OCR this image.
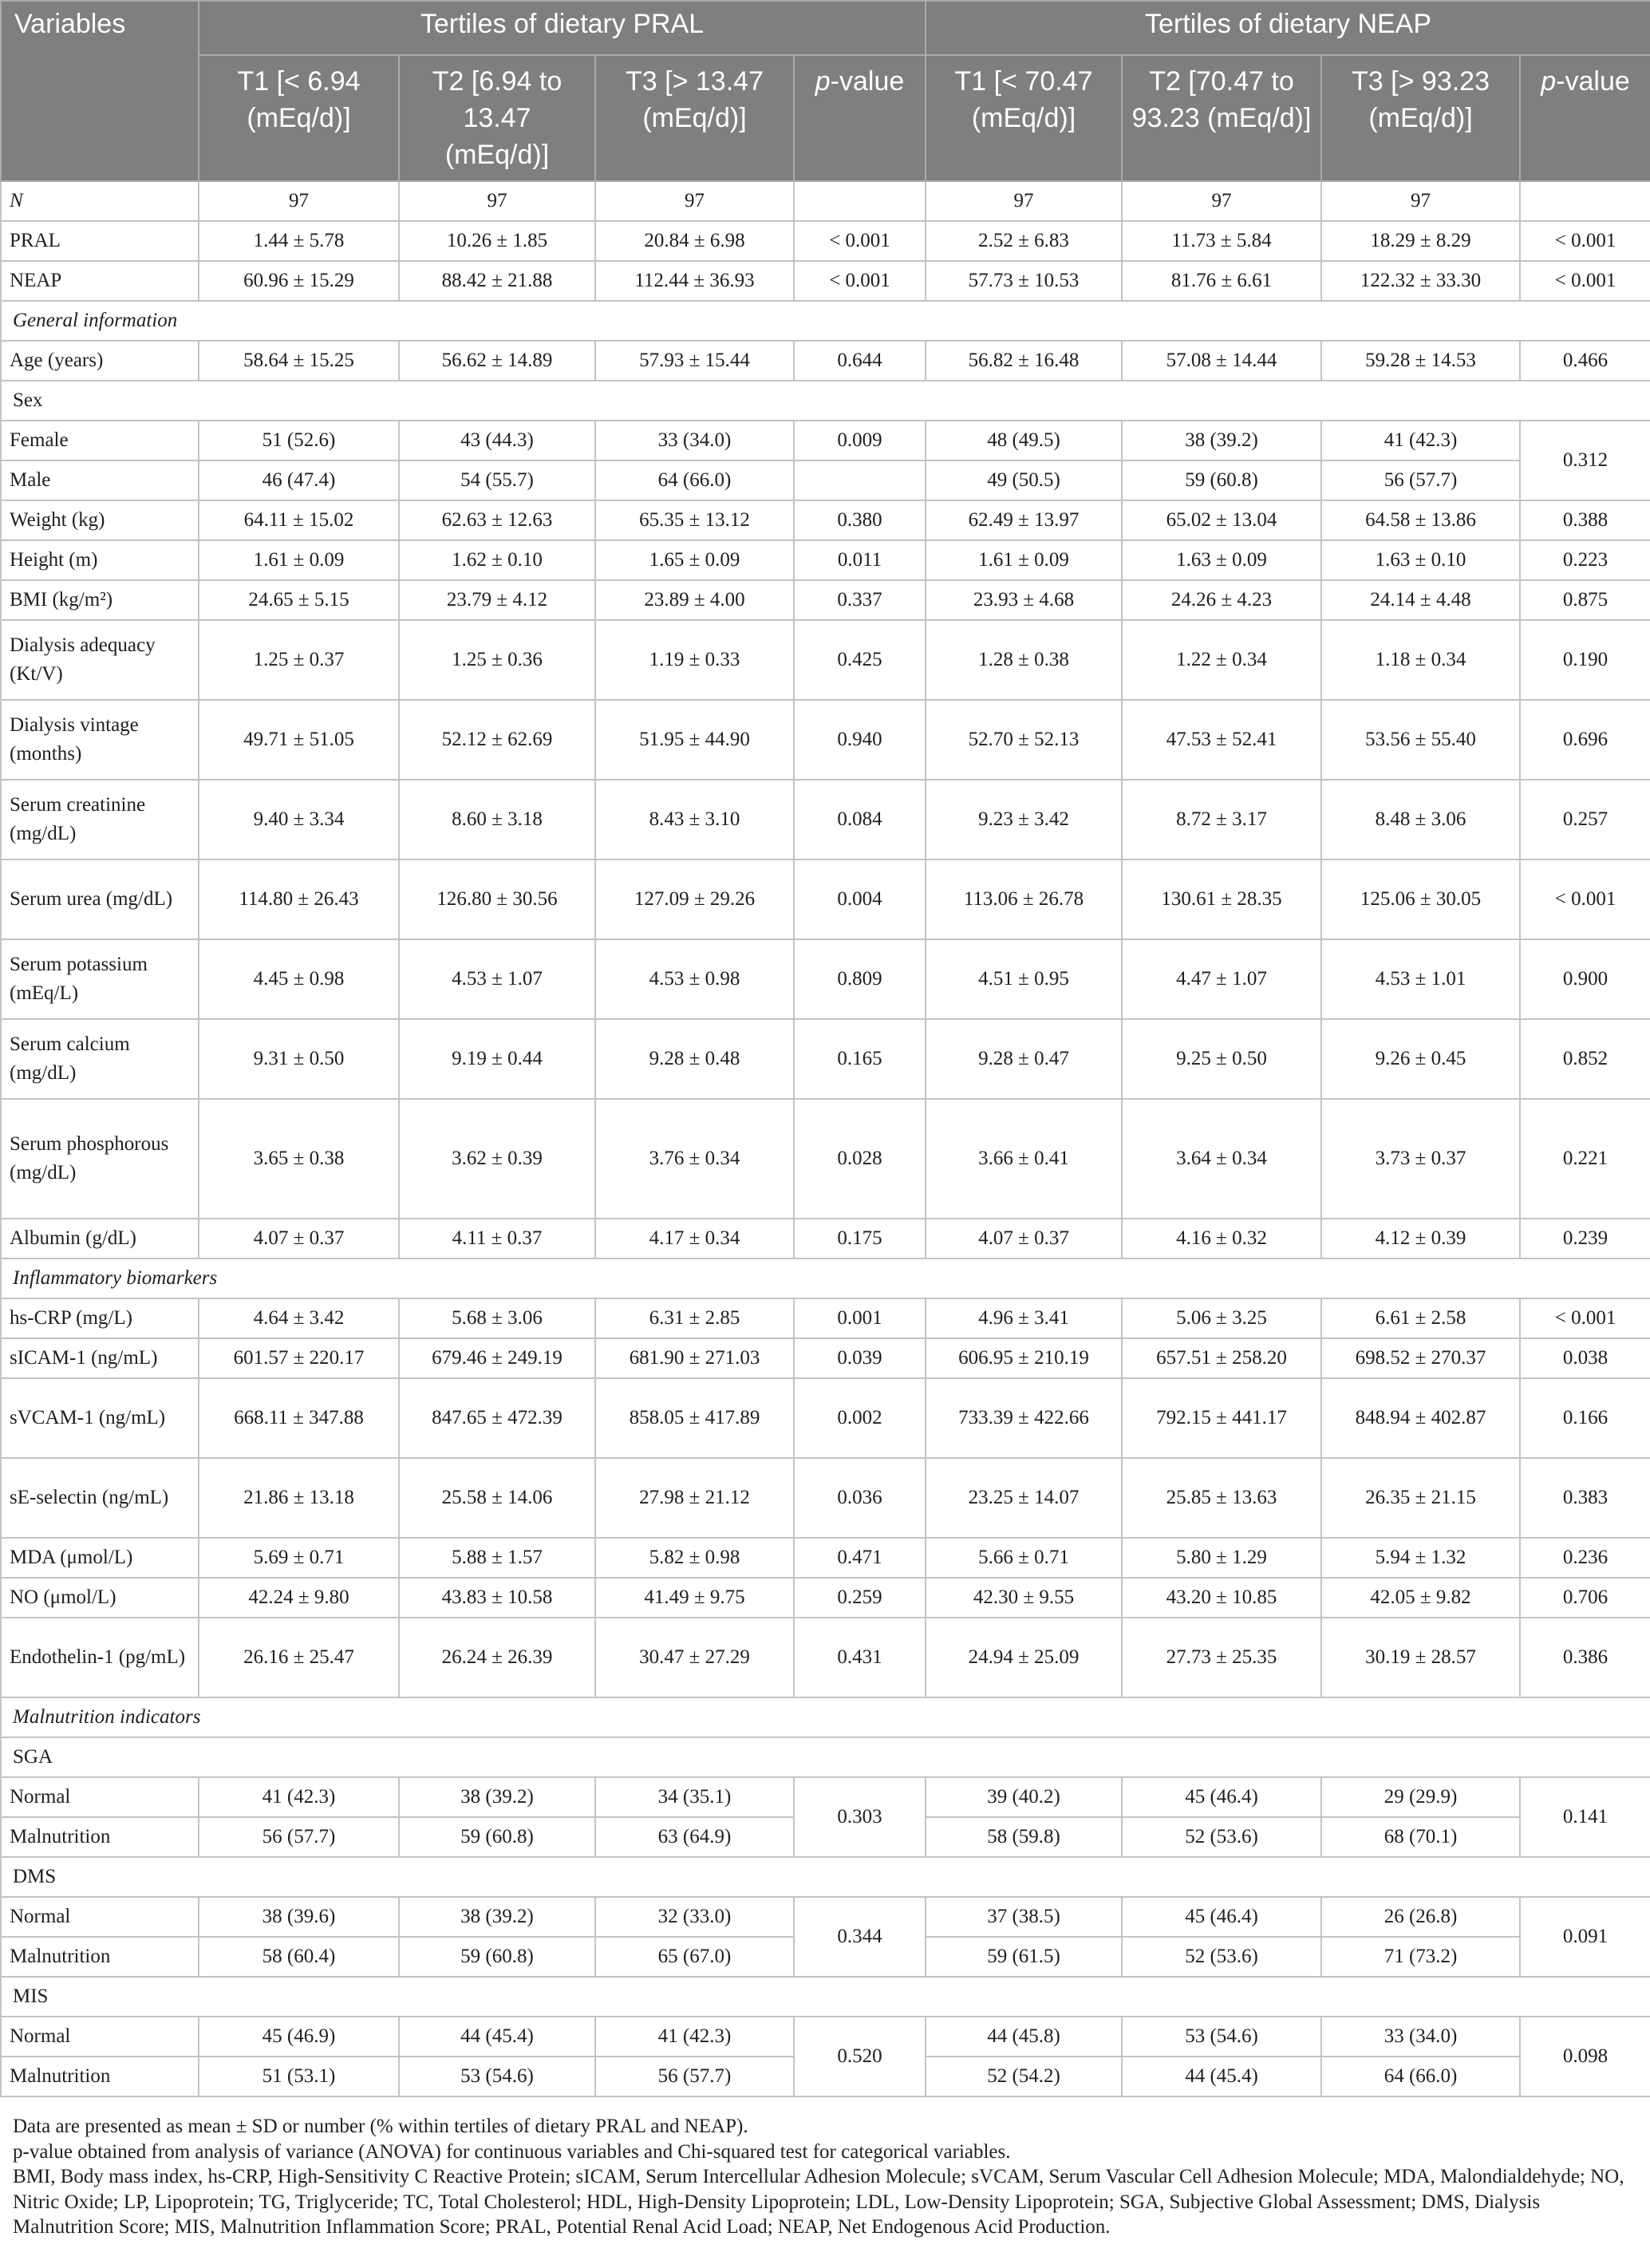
Variables	Tertiles of dietary PRAL				Tertiles of dietary NEAP			
	T1 [< 6.94 (mEq/d)]	T2 [6.94 to 13.47 (mEq/d)]	T3 [> 13.47 (mEq/d)]	p-value	T1 [< 70.47 (mEq/d)]	T2 [70.47 to 93.23 (mEq/d)]	T3 [> 93.23 (mEq/d)]	p-value
N	97	97	97		97	97	97	
PRAL	1.44 ± 5.78	10.26 ± 1.85	20.84 ± 6.98	< 0.001	2.52 ± 6.83	11.73 ± 5.84	18.29 ± 8.29	< 0.001
NEAP	60.96 ± 15.29	88.42 ± 21.88	112.44 ± 36.93	< 0.001	57.73 ± 10.53	81.76 ± 6.61	122.32 ± 33.30	< 0.001
General information								
Age (years)	58.64 ± 15.25	56.62 ± 14.89	57.93 ± 15.44	0.644	56.82 ± 16.48	57.08 ± 14.44	59.28 ± 14.53	0.466
Sex								
Female	51 (52.6)	43 (44.3)	33 (34.0)	0.009	48 (49.5)	38 (39.2)	41 (42.3)	0.312
Male	46 (47.4)	54 (55.7)	64 (66.0)		49 (50.5)	59 (60.8)	56 (57.7)	
Weight (kg)	64.11 ± 15.02	62.63 ± 12.63	65.35 ± 13.12	0.380	62.49 ± 13.97	65.02 ± 13.04	64.58 ± 13.86	0.388
Height (m)	1.61 ± 0.09	1.62 ± 0.10	1.65 ± 0.09	0.011	1.61 ± 0.09	1.63 ± 0.09	1.63 ± 0.10	0.223
BMI (kg/m²)	24.65 ± 5.15	23.79 ± 4.12	23.89 ± 4.00	0.337	23.93 ± 4.68	24.26 ± 4.23	24.14 ± 4.48	0.875
Dialysis adequacy (Kt/V)	1.25 ± 0.37	1.25 ± 0.36	1.19 ± 0.33	0.425	1.28 ± 0.38	1.22 ± 0.34	1.18 ± 0.34	0.190
Dialysis vintage (months)	49.71 ± 51.05	52.12 ± 62.69	51.95 ± 44.90	0.940	52.70 ± 52.13	47.53 ± 52.41	53.56 ± 55.40	0.696
Serum creatinine (mg/dL)	9.40 ± 3.34	8.60 ± 3.18	8.43 ± 3.10	0.084	9.23 ± 3.42	8.72 ± 3.17	8.48 ± 3.06	0.257
Serum urea (mg/dL)	114.80 ± 26.43	126.80 ± 30.56	127.09 ± 29.26	0.004	113.06 ± 26.78	130.61 ± 28.35	125.06 ± 30.05	< 0.001
Serum potassium (mEq/L)	4.45 ± 0.98	4.53 ± 1.07	4.53 ± 0.98	0.809	4.51 ± 0.95	4.47 ± 1.07	4.53 ± 1.01	0.900
Serum calcium (mg/dL)	9.31 ± 0.50	9.19 ± 0.44	9.28 ± 0.48	0.165	9.28 ± 0.47	9.25 ± 0.50	9.26 ± 0.45	0.852
Serum phosphorous (mg/dL)	3.65 ± 0.38	3.62 ± 0.39	3.76 ± 0.34	0.028	3.66 ± 0.41	3.64 ± 0.34	3.73 ± 0.37	0.221
Albumin (g/dL)	4.07 ± 0.37	4.11 ± 0.37	4.17 ± 0.34	0.175	4.07 ± 0.37	4.16 ± 0.32	4.12 ± 0.39	0.239
Inflammatory biomarkers								
hs-CRP (mg/L)	4.64 ± 3.42	5.68 ± 3.06	6.31 ± 2.85	0.001	4.96 ± 3.41	5.06 ± 3.25	6.61 ± 2.58	< 0.001
sICAM-1 (ng/mL)	601.57 ± 220.17	679.46 ± 249.19	681.90 ± 271.03	0.039	606.95 ± 210.19	657.51 ± 258.20	698.52 ± 270.37	0.038
sVCAM-1 (ng/mL)	668.11 ± 347.88	847.65 ± 472.39	858.05 ± 417.89	0.002	733.39 ± 422.66	792.15 ± 441.17	848.94 ± 402.87	0.166
sE-selectin (ng/mL)	21.86 ± 13.18	25.58 ± 14.06	27.98 ± 21.12	0.036	23.25 ± 14.07	25.85 ± 13.63	26.35 ± 21.15	0.383
MDA (μmol/L)	5.69 ± 0.71	5.88 ± 1.57	5.82 ± 0.98	0.471	5.66 ± 0.71	5.80 ± 1.29	5.94 ± 1.32	0.236
NO (μmol/L)	42.24 ± 9.80	43.83 ± 10.58	41.49 ± 9.75	0.259	42.30 ± 9.55	43.20 ± 10.85	42.05 ± 9.82	0.706
Endothelin-1 (pg/mL)	26.16 ± 25.47	26.24 ± 26.39	30.47 ± 27.29	0.431	24.94 ± 25.09	27.73 ± 25.35	30.19 ± 28.57	0.386
Malnutrition indicators								
SGA								
Normal	41 (42.3)	38 (39.2)	34 (35.1)	0.303	39 (40.2)	45 (46.4)	29 (29.9)	0.141
Malnutrition	56 (57.7)	59 (60.8)	63 (64.9)		58 (59.8)	52 (53.6)	68 (70.1)	
DMS								
Normal	38 (39.6)	38 (39.2)	32 (33.0)	0.344	37 (38.5)	45 (46.4)	26 (26.8)	0.091
Malnutrition	58 (60.4)	59 (60.8)	65 (67.0)		59 (61.5)	52 (53.6)	71 (73.2)	
MIS								
Normal	45 (46.9)	44 (45.4)	41 (42.3)	0.520	44 (45.8)	53 (54.6)	33 (34.0)	0.098
Malnutrition	51 (53.1)	53 (54.6)	56 (57.7)		52 (54.2)	44 (45.4)	64 (66.0)	

Data are presented as mean ± SD or number (% within tertiles of dietary PRAL and NEAP).

p-value obtained from analysis of variance (ANOVA) for continuous variables and Chi-squared test for categorical variables.

BMI, Body mass index, hs-CRP, High-Sensitivity C Reactive Protein; sICAM, Serum Intercellular Adhesion Molecule; sVCAM, Serum Vascular Cell Adhesion Molecule; MDA, Malondialdehyde; NO, Nitric Oxide; LP, Lipoprotein; TG, Triglyceride; TC, Total Cholesterol; HDL, High-Density Lipoprotein; LDL, Low-Density Lipoprotein; SGA, Subjective Global Assessment; DMS, Dialysis Malnutrition Score; MIS, Malnutrition Inflammation Score; PRAL, Potential Renal Acid Load; NEAP, Net Endogenous Acid Production.
